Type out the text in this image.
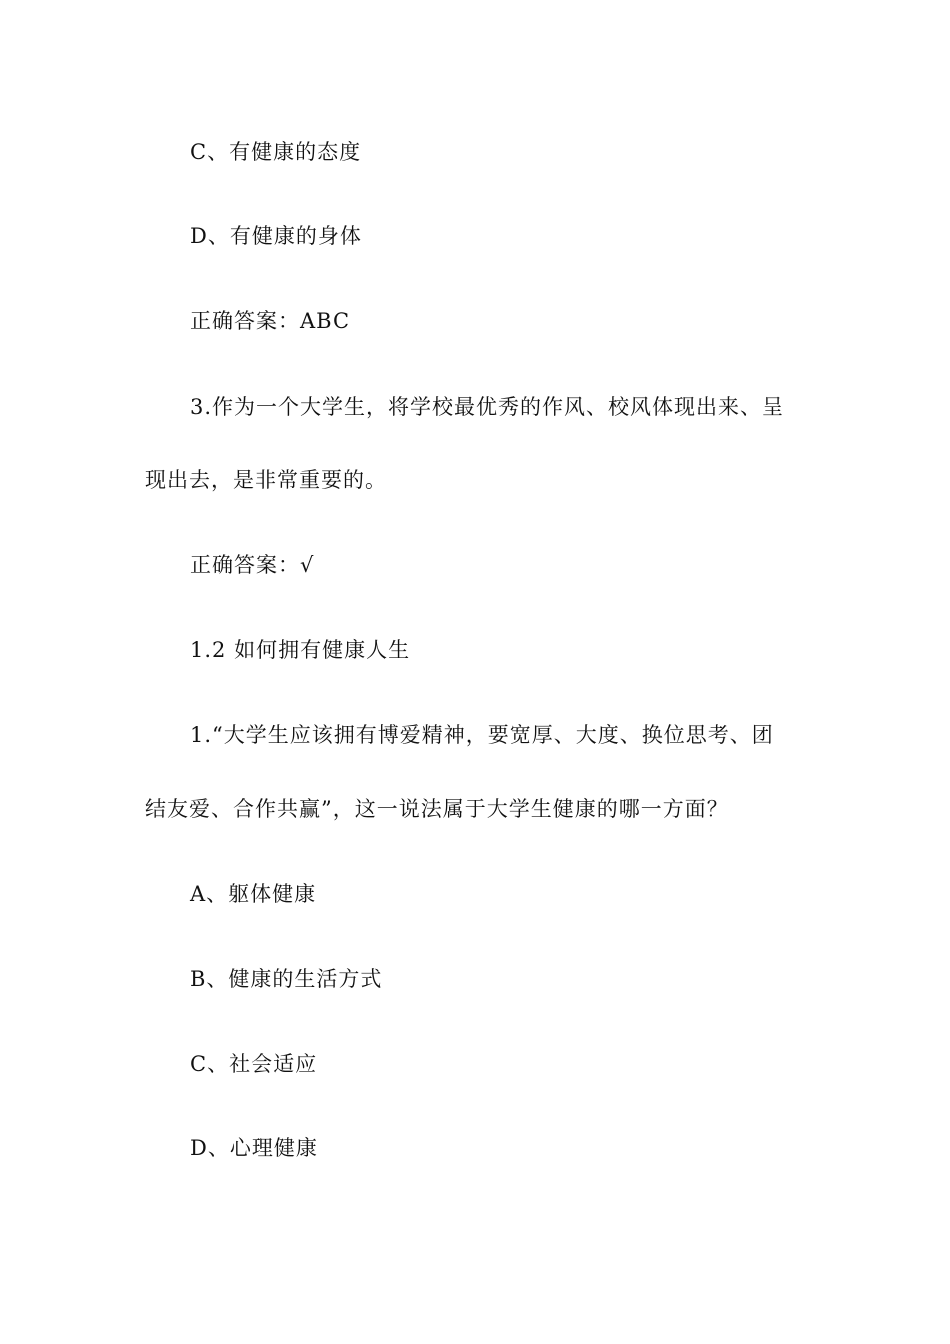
C、有健康的态度
D、有健康的身体
正确答案：ABC
3.作为一个大学生，将学校最优秀的作风、校风体现出来、呈
现出去，是非常重要的。
正确答案：√
1.2 如何拥有健康人生
1.“大学生应该拥有博爱精神，要宽厚、大度、换位思考、团
结友爱、合作共赢”，这一说法属于大学生健康的哪一方面？
A、躯体健康
B、健康的生活方式
C、社会适应
D、心理健康
